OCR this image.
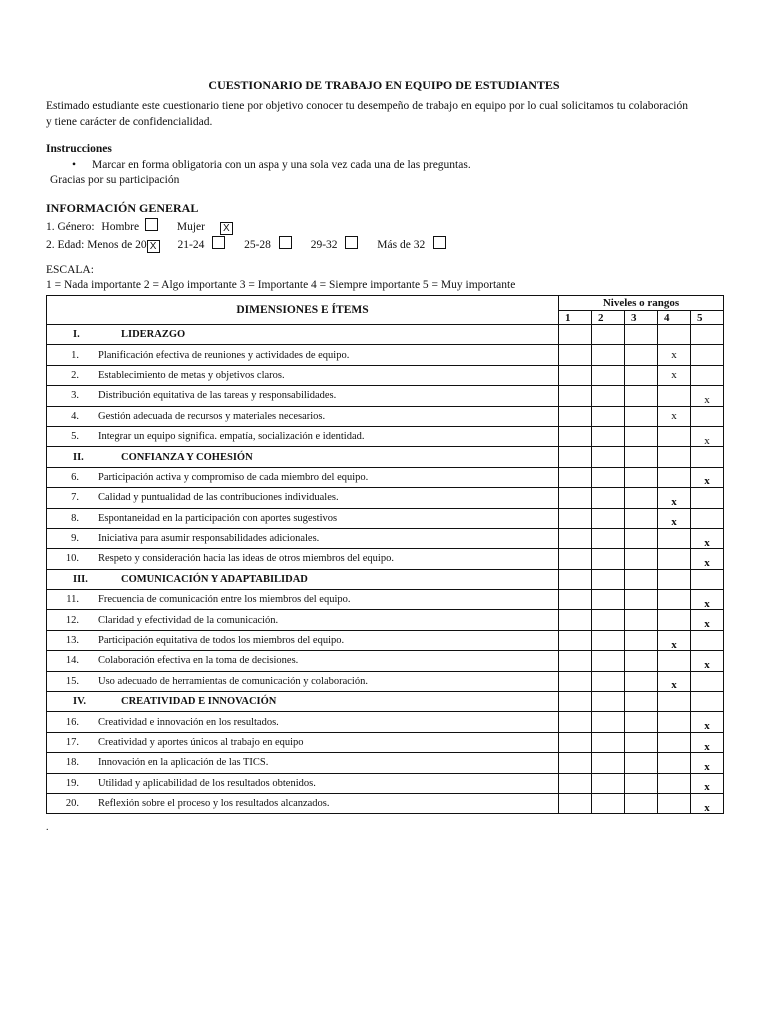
CUESTIONARIO DE TRABAJO EN EQUIPO DE ESTUDIANTES
Estimado estudiante este cuestionario tiene por objetivo conocer tu desempeño de trabajo en equipo por lo cual solicitamos tu colaboración y tiene carácter de confidencialidad.
Instrucciones
• Marcar en forma obligatoria con un aspa y una sola vez cada una de las preguntas.
Gracias por su participación
INFORMACIÓN GENERAL
1. Género: Hombre	Mujer X
2. Edad: Menos de 20 X 21-24	25-28	29-32	Más de 32
ESCALA:
1 = Nada importante 2 = Algo importante 3 = Importante 4 = Siempre importante 5 = Muy importante
DIMENSIONES E ÍTEMS	Niveles o rangos				
	1	2	3	4	5
I. LIDERAZGO					
1. Planificación efectiva de reuniones y actividades de equipo.				x	
2. Establecimiento de metas y objetivos claros.				x	
3. Distribución equitativa de las tareas y responsabilidades.					x
4. Gestión adecuada de recursos y materiales necesarios.				x	
5. Integrar un equipo significa. empatía, socialización e identidad.					x
II. CONFIANZA Y COHESIÓN					
6. Participación activa y compromiso de cada miembro del equipo.					x
7. Calidad y puntualidad de las contribuciones individuales.				x	
8. Espontaneidad en la participación con aportes sugestivos				x	
9. Iniciativa para asumir responsabilidades adicionales.					x
10. Respeto y consideración hacia las ideas de otros miembros del equipo.					x
III. COMUNICACIÓN Y ADAPTABILIDAD					
11. Frecuencia de comunicación entre los miembros del equipo.					x
12. Claridad y efectividad de la comunicación.					x
13. Participación equitativa de todos los miembros del equipo.				x	
14. Colaboración efectiva en la toma de decisiones.					x
15. Uso adecuado de herramientas de comunicación y colaboración.				x	
IV. CREATIVIDAD E INNOVACIÓN					
16. Creatividad e innovación en los resultados.					x
17. Creatividad y aportes únicos al trabajo en equipo					x
18. Innovación en la aplicación de las TICS.					x
19. Utilidad y aplicabilidad de los resultados obtenidos.					x
20. Reflexión sobre el proceso y los resultados alcanzados.					x
.
